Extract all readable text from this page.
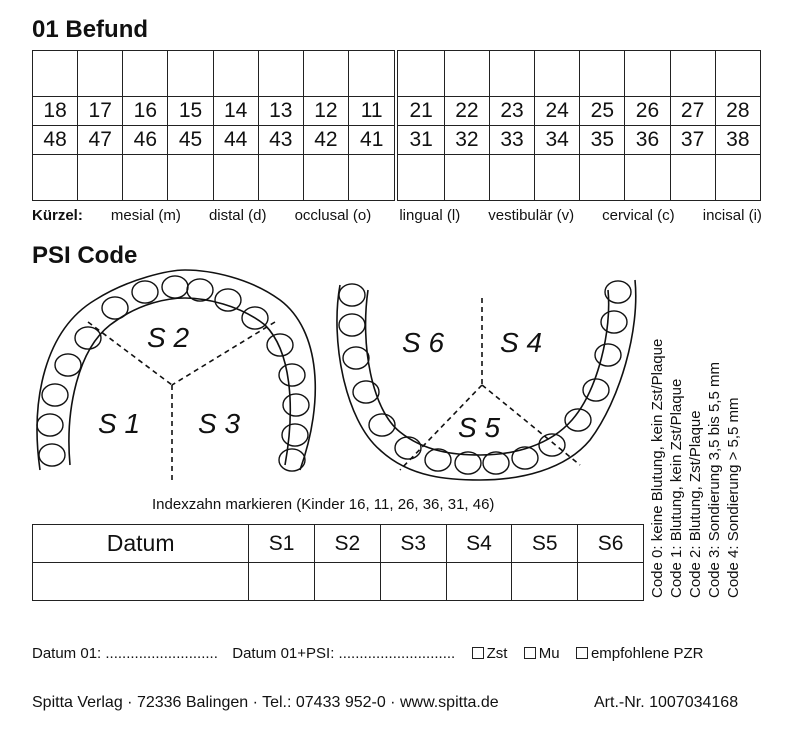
01 Befund

18	17	16	15	14	13	12	11	21	22	23	24	25	26	27	28
48	47	46	45	44	43	42	41	31	32	33	34	35	36	37	38

Kürzel: mesial (m) distal (d) occlusal (o) lingual (l) vestibulär (v) cervical (c) incisal (i)
PSI Code
S 2
S 1 S 3
S 6 S 4
S 5
Indexzahn markieren (Kinder 16, 11, 26, 36, 31, 46)
Datum	S1	S2	S3	S4	S5	S6
						Code 0: keine Blutung, kein Zst/Plaque Code 1: Blutung, kein Zst/Plaque Code 2: Blutung, Zst/Plaque Code 3: Sondierung 3,5 bis 5,5 mm Code 4: Sondierung > 5,5 mm
Datum 01: ........................... Datum 01+PSI: ............................ Zst Mu empfohlene PZR
Spitta Verlag · 72336 Balingen · Tel.: 07433 952-0 · www.spitta.de	Art.-Nr. 1007034168
